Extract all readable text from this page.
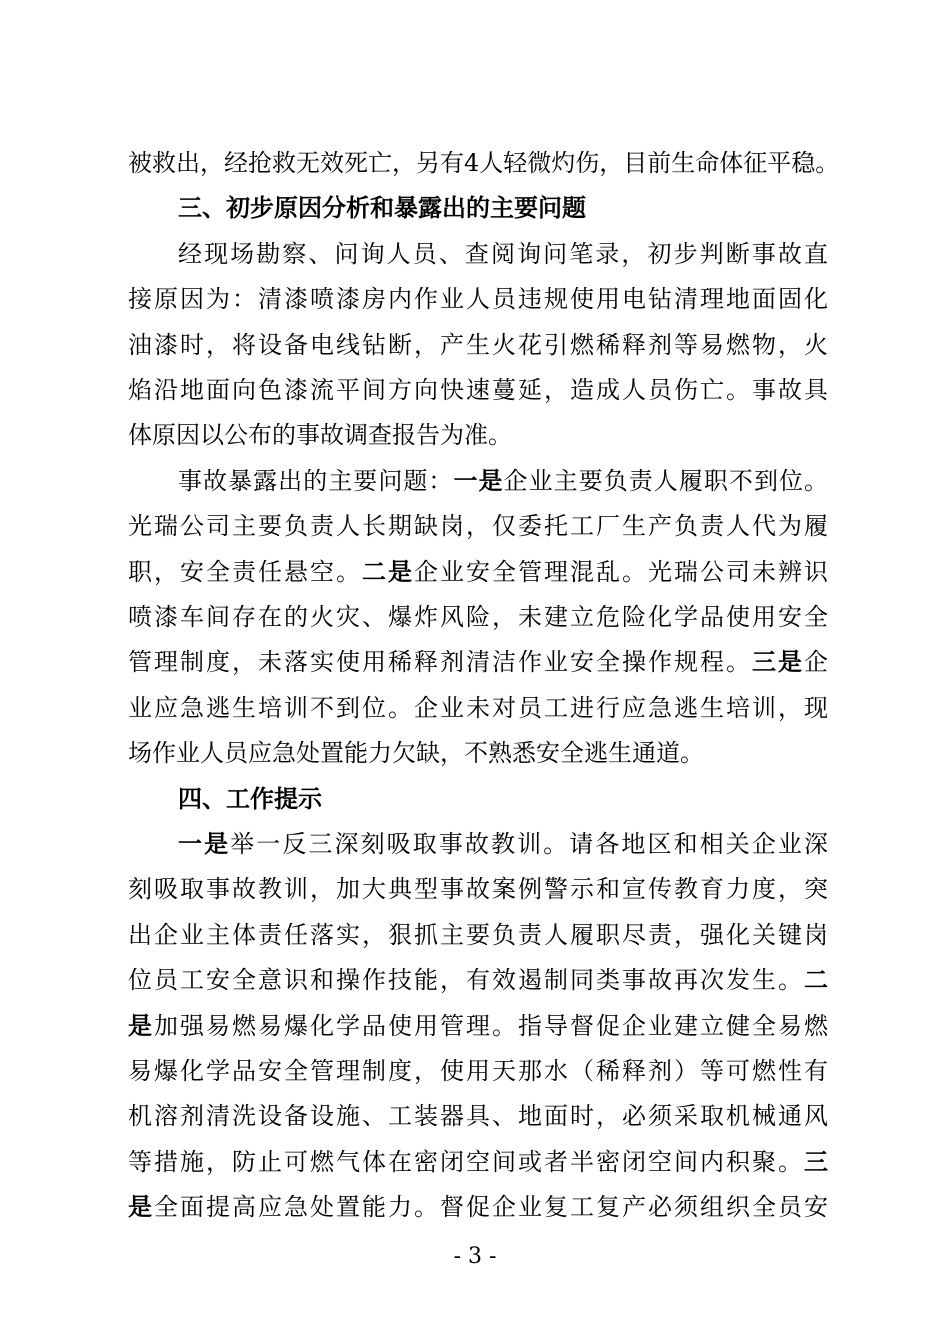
被救出，经抢救无效死亡，另有4人轻微灼伤，目前生命体征平稳。
三、初步原因分析和暴露出的主要问题
经现场勘察、问询人员、查阅询问笔录，初步判断事故直
接原因为：清漆喷漆房内作业人员违规使用电钻清理地面固化
油漆时，将设备电线钻断，产生火花引燃稀释剂等易燃物，火
焰沿地面向色漆流平间方向快速蔓延，造成人员伤亡。事故具
体原因以公布的事故调查报告为准。
事故暴露出的主要问题：一是企业主要负责人履职不到位。
光瑞公司主要负责人长期缺岗，仅委托工厂生产负责人代为履
职，安全责任悬空。二是企业安全管理混乱。光瑞公司未辨识
喷漆车间存在的火灾、爆炸风险，未建立危险化学品使用安全
管理制度，未落实使用稀释剂清洁作业安全操作规程。三是企
业应急逃生培训不到位。企业未对员工进行应急逃生培训，现
场作业人员应急处置能力欠缺，不熟悉安全逃生通道。
四、工作提示
一是举一反三深刻吸取事故教训。请各地区和相关企业深
刻吸取事故教训，加大典型事故案例警示和宣传教育力度，突
出企业主体责任落实，狠抓主要负责人履职尽责，强化关键岗
位员工安全意识和操作技能，有效遏制同类事故再次发生。二
是加强易燃易爆化学品使用管理。指导督促企业建立健全易燃
易爆化学品安全管理制度，使用天那水（稀释剂）等可燃性有
机溶剂清洗设备设施、工装器具、地面时，必须采取机械通风
等措施，防止可燃气体在密闭空间或者半密闭空间内积聚。三
是全面提高应急处置能力。督促企业复工复产必须组织全员安
- 3 -
